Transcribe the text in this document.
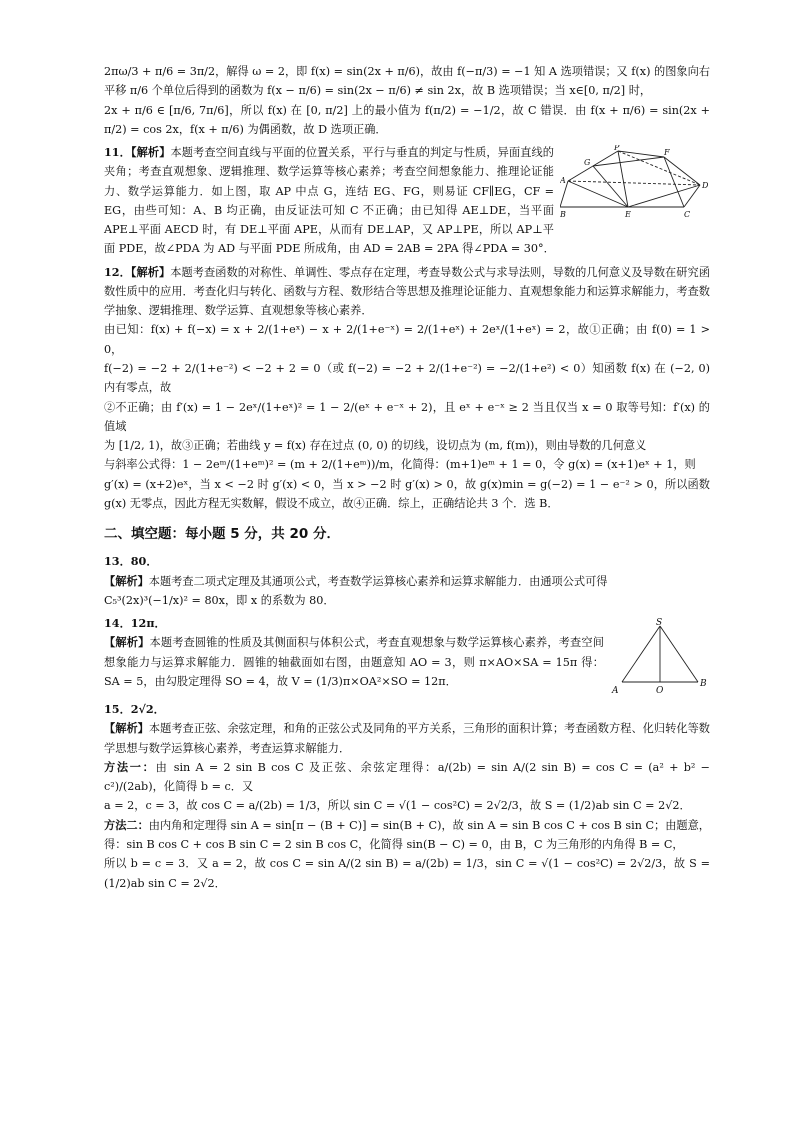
2πω/3 + π/6 = 3π/2，解得 ω = 2，即 f(x) = sin(2x + π/6)，故由 f(−π/3) = −1 知 A 选项错误；又 f(x) 的图象向右平移 π/6 个单位后得到的函数为 f(x − π/6) = sin(2x − π/6) ≠ sin 2x，故 B 选项错误；当 x∈[0, π/2] 时，

2x + π/6 ∈ [π/6, 7π/6]，所以 f(x) 在 [0, π/2] 上的最小值为 f(π/2) = −1/2，故 C 错误．由 f(x + π/6) = sin(2x + π/2) = cos 2x，f(x + π/6) 为偶函数，故 D 选项正确．

P
G
F
A
D
B	E	C

11．【解析】本题考查空间直线与平面的位置关系，平行与垂直的判定与性质，异面直线的夹角；考查直观想象、逻辑推理、数学运算等核心素养；考查空间想象能力、推理论证能力、数学运算能力．如上图，取 AP 中点 G，连结 EG、FG，则易证 CF∥EG，CF = EG，由些可知：A、B 均正确，由反证法可知 C 不正确；由已知得 AE⊥DE，当平面 APE⊥平面 AECD 时，有 DE⊥平面 APE，从而有 DE⊥AP，又 AP⊥PE，所以 AP⊥平面 PDE，故∠PDA 为 AD 与平面 PDE 所成角，由 AD = 2AB = 2PA 得∠PDA = 30°．

12．【解析】本题考查函数的对称性、单调性、零点存在定理，考查导数公式与求导法则，导数的几何意义及导数在研究函数性质中的应用．考查化归与转化、函数与方程、数形结合等思想及推理论证能力、直观想象能力和运算求解能力，考查数学抽象、逻辑推理、数学运算、直观想象等核心素养．

由已知：f(x) + f(−x) = x + 2/(1+eˣ) − x + 2/(1+e⁻ˣ) = 2/(1+eˣ) + 2eˣ/(1+eˣ) = 2，故①正确；由 f(0) = 1 > 0，

f(−2) = −2 + 2/(1+e⁻²) < −2 + 2 = 0（或 f(−2) = −2 + 2/(1+e⁻²) = −2/(1+e²) < 0）知函数 f(x) 在 (−2, 0) 内有零点，故

②不正确；由 f′(x) = 1 − 2eˣ/(1+eˣ)² = 1 − 2/(eˣ + e⁻ˣ + 2)，且 eˣ + e⁻ˣ ≥ 2 当且仅当 x = 0 取等号知：f′(x) 的值域

为 [1/2, 1)，故③正确；若曲线 y = f(x) 存在过点 (0, 0) 的切线，设切点为 (m, f(m))，则由导数的几何意义

与斜率公式得：1 − 2eᵐ/(1+eᵐ)² = (m + 2/(1+eᵐ))/m，化简得：(m+1)eᵐ + 1 = 0，令 g(x) = (x+1)eˣ + 1，则

g′(x) = (x+2)eˣ，当 x < −2 时 g′(x) < 0，当 x > −2 时 g′(x) > 0，故 g(x)min = g(−2) = 1 − e⁻² > 0，所以函数 g(x) 无零点，因此方程无实数解，假设不成立，故④正确．综上，正确结论共 3 个．选 B．

二、填空题：每小题 5 分，共 20 分．

13．80．

【解析】本题考查二项式定理及其通项公式，考查数学运算核心素养和运算求解能力．由通项公式可得

C₅³(2x)³(−1/x)² = 80x，即 x 的系数为 80．

S
A	O
B

14．12π．

【解析】本题考查圆锥的性质及其侧面积与体积公式，考查直观想象与数学运算核心素养，考查空间想象能力与运算求解能力．圆锥的轴截面如右图，由题意知 AO = 3，则 π×AO×SA = 15π 得：SA = 5，由勾股定理得 SO = 4，故 V = (1/3)π×OA²×SO = 12π．

15．2√2．

【解析】本题考查正弦、余弦定理，和角的正弦公式及同角的平方关系，三角形的面积计算；考查函数方程、化归转化等数学思想与数学运算核心素养，考查运算求解能力．

方法一：由 sin A = 2 sin B cos C 及正弦、余弦定理得：a/(2b) = sin A/(2 sin B) = cos C = (a² + b² − c²)/(2ab)，化简得 b = c．又

a = 2，c = 3，故 cos C = a/(2b) = 1/3，所以 sin C = √(1 − cos²C) = 2√2/3，故 S = (1/2)ab sin C = 2√2．

方法二：由内角和定理得 sin A = sin[π − (B + C)] = sin(B + C)，故 sin A = sin B cos C + cos B sin C；由题意，得：sin B cos C + cos B sin C = 2 sin B cos C，化简得 sin(B − C) = 0，由 B，C 为三角形的内角得 B = C，

所以 b = c = 3．又 a = 2，故 cos C = sin A/(2 sin B) = a/(2b) = 1/3，sin C = √(1 − cos²C) = 2√2/3，故 S = (1/2)ab sin C = 2√2．
